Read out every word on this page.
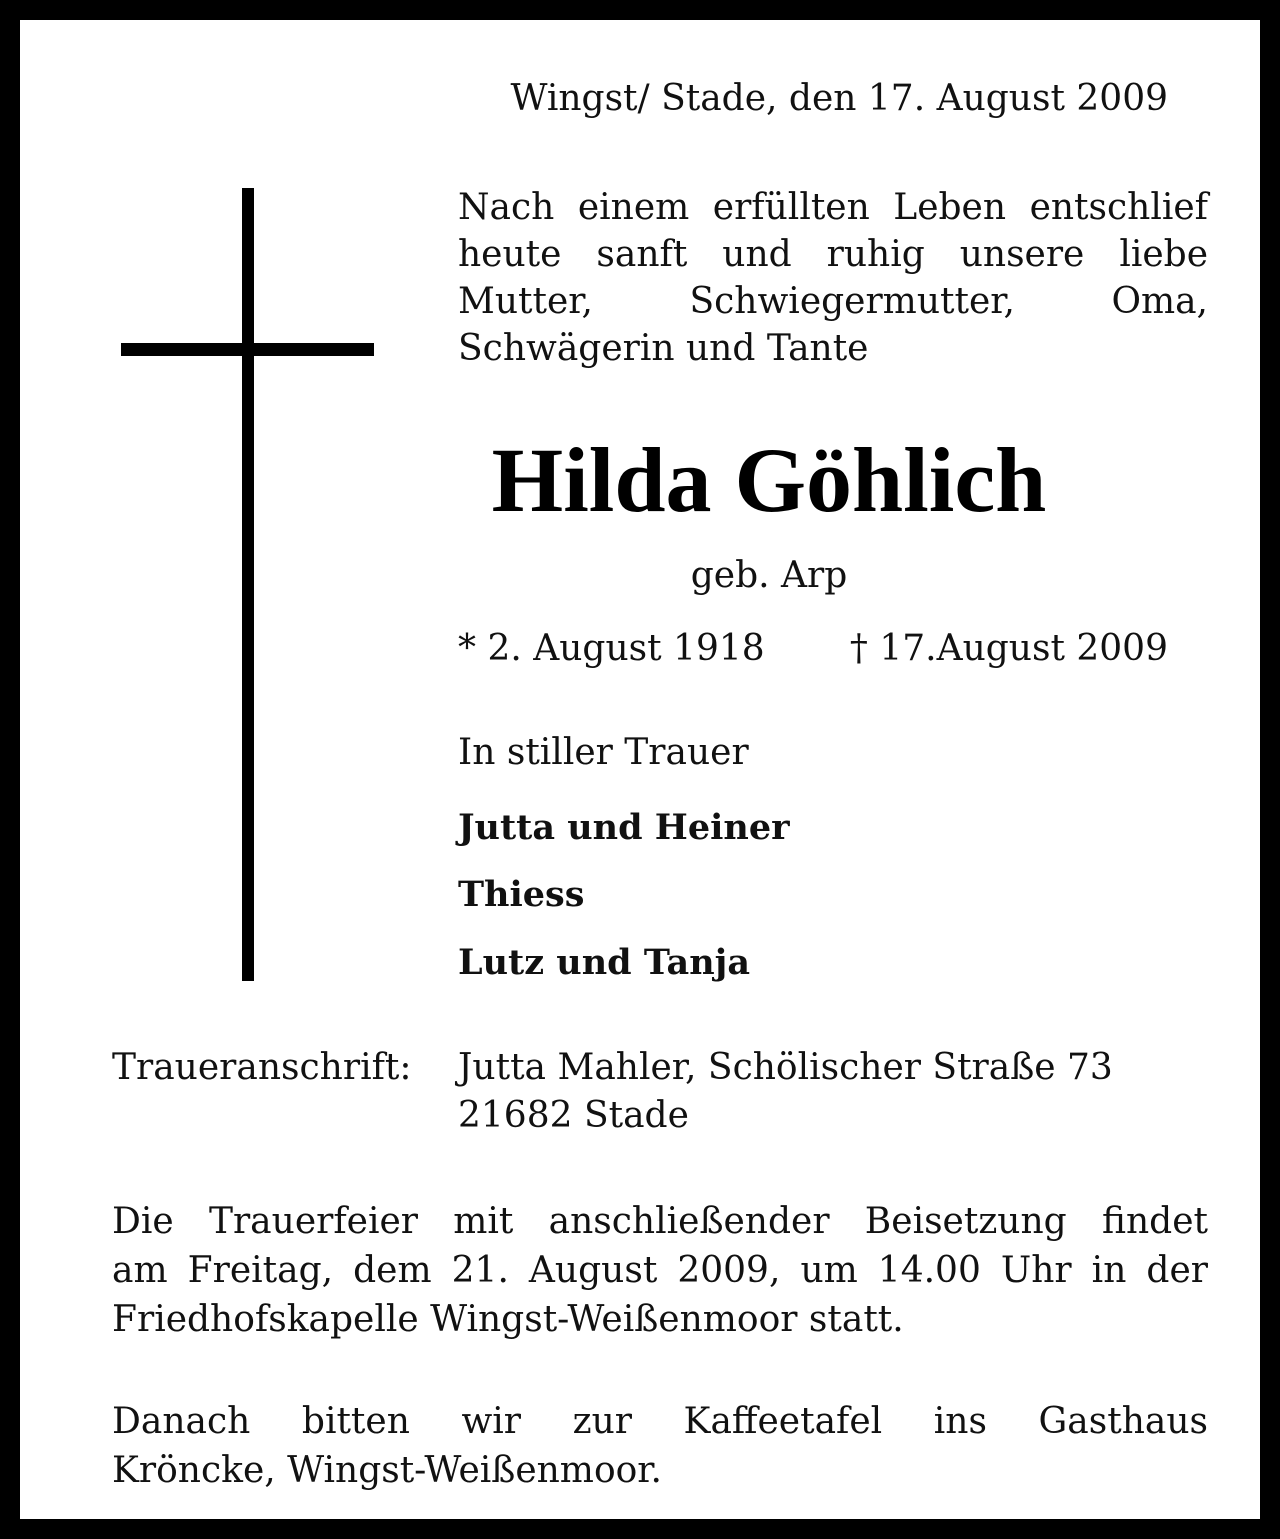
Wingst/ Stade, den 17. August 2009
Nach einem erfüllten Leben entschlief
heute sanft und ruhig unsere liebe
Mutter, Schwiegermutter, Oma,
Schwägerin und Tante
Hilda Göhlich
geb. Arp
* 2. August 1918 † 17.August 2009
In stiller Trauer
Jutta und Heiner
Thiess
Lutz und Tanja
Traueranschrift: Jutta Mahler, Schölischer Straße 73
21682 Stade
Die Trauerfeier mit anschließender Beisetzung findet
am Freitag, dem 21. August 2009, um 14.00 Uhr in der
Friedhofskapelle Wingst-Weißenmoor statt.
Danach bitten wir zur Kaffeetafel ins Gasthaus
Kröncke, Wingst-Weißenmoor.
